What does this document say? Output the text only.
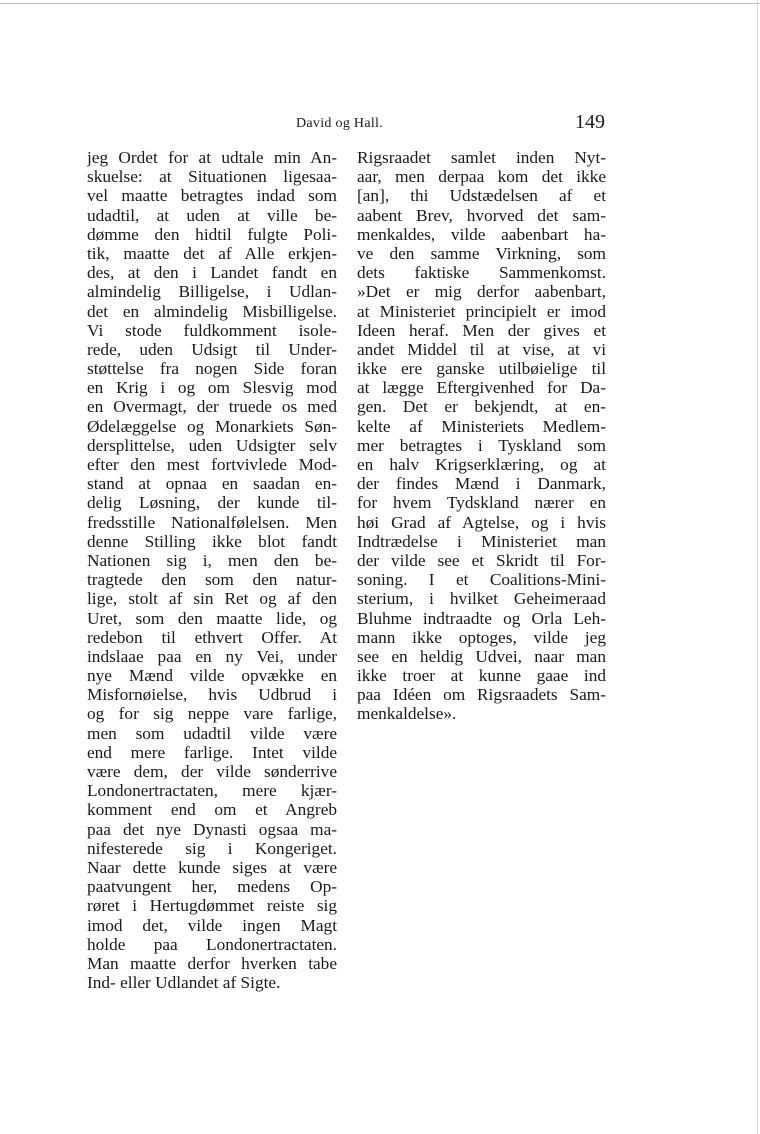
David og Hall.	149
jeg Ordet for at udtale min An-
skuelse: at Situationen ligesaa-
vel maatte betragtes indad som
udadtil, at uden at ville be-
dømme den hidtil fulgte Poli-
tik, maatte det af Alle erkjen-
des, at den i Landet fandt en
almindelig Billigelse, i Udlan-
det en almindelig Misbilligelse.
Vi stode fuldkomment isole-
rede, uden Udsigt til Under-
støttelse fra nogen Side foran
en Krig i og om Slesvig mod
en Overmagt, der truede os med
Ødelæggelse og Monarkiets Søn-
dersplittelse, uden Udsigter selv
efter den mest fortvivlede Mod-
stand at opnaa en saadan en-
delig Løsning, der kunde til-
fredsstille Nationalfølelsen. Men
denne Stilling ikke blot fandt
Nationen sig i, men den be-
tragtede den som den natur-
lige, stolt af sin Ret og af den
Uret, som den maatte lide, og
redebon til ethvert Offer. At
indslaae paa en ny Vei, under
nye Mænd vilde opvække en
Misfornøielse, hvis Udbrud i
og for sig neppe vare farlige,
men som udadtil vilde være
end mere farlige. Intet vilde
være dem, der vilde sønderrive
Londonertractaten, mere kjær-
komment end om et Angreb
paa det nye Dynasti ogsaa ma-
nifesterede sig i Kongeriget.
Naar dette kunde siges at være
paatvungent her, medens Op-
røret i Hertugdømmet reiste sig
imod det, vilde ingen Magt
holde paa Londonertractaten.
Man maatte derfor hverken tabe
Ind- eller Udlandet af Sigte.
Rigsraadet samlet inden Nyt-
aar, men derpaa kom det ikke
[an], thi Udstædelsen af et
aabent Brev, hvorved det sam-
menkaldes, vilde aabenbart ha-
ve den samme Virkning, som
dets faktiske Sammenkomst.
»Det er mig derfor aabenbart,
at Ministeriet principielt er imod
Ideen heraf. Men der gives et
andet Middel til at vise, at vi
ikke ere ganske utilbøielige til
at lægge Eftergivenhed for Da-
gen. Det er bekjendt, at en-
kelte af Ministeriets Medlem-
mer betragtes i Tyskland som
en halv Krigserklæring, og at
der findes Mænd i Danmark,
for hvem Tydskland nærer en
høi Grad af Agtelse, og i hvis
Indtrædelse i Ministeriet man
der vilde see et Skridt til For-
soning. I et Coalitions-Mini-
sterium, i hvilket Geheimeraad
Bluhme indtraadte og Orla Leh-
mann ikke optoges, vilde jeg
see en heldig Udvei, naar man
ikke troer at kunne gaae ind
paa Idéen om Rigsraadets Sam-
menkaldelse».
